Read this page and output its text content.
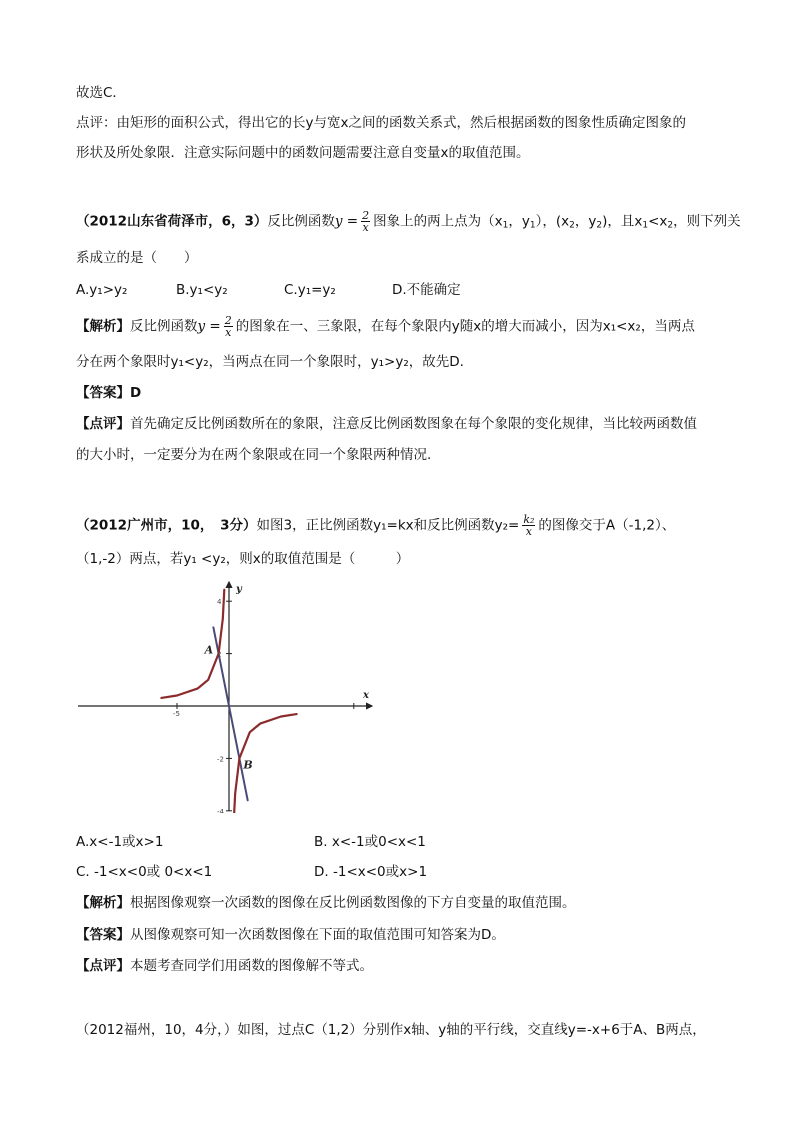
故选C．
点评：由矩形的面积公式，得出它的长y与宽x之间的函数关系式，然后根据函数的图象性质确定图象的
形状及所处象限．注意实际问题中的函数问题需要注意自变量x的取值范围。
（2012山东省荷泽市，6，3）反比例函数$y = \frac{2}{x}$ 图象上的两上点为（$x_1$，$y_1$），($x_2$，$y_2$)，且$x_1<x_2$，则下列关
系成立的是（　　）
A.y₁>y₂	B.y₁<y₂	C.y₁=y₂	D.不能确定
【解析】反比例函数$y = \frac{2}{x}$ 的图象在一、三象限，在每个象限内y随x的增大而减小，因为x₁<x₂，当两点
分在两个象限时y₁<y₂，当两点在同一个象限时，y₁>y₂，故先D.
【答案】D
【点评】首先确定反比例函数所在的象限，注意反比例函数图象在每个象限的变化规律，当比较两函数值
的大小时，一定要分为在两个象限或在同一个象限两种情况.
（2012广州市，10，　3分）如图3，正比例函数y₁=kx和反比例函数$y_2= \frac{\text{k₂}}{x}$ 的图像交于A（-1,2）、
（1,-2）两点，若y₁ <y₂，则x的取值范围是（　　　）
x
y
4
2
-2
-4
-5
A
B
A.x<-1或x>1	B. x<-1或0<x<1
C. -1<x<0或 0<x<1	D. -1<x<0或x>1
【解析】根据图像观察一次函数的图像在反比例函数图像的下方自变量的取值范围。
【答案】从图像观察可知一次函数图像在下面的取值范围可知答案为D。
【点评】本题考查同学们用函数的图像解不等式。
（2012福州，10，4分，）如图，过点C（1,2）分别作x轴、y轴的平行线，交直线y=-x+6于A、B两点，
